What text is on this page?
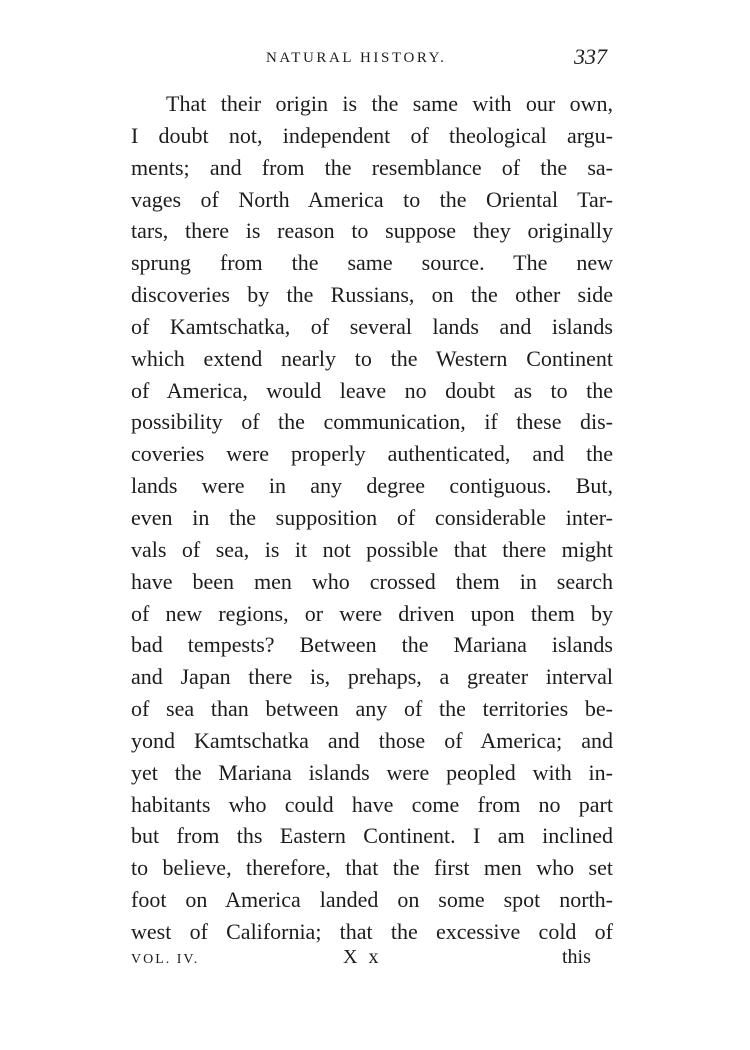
NATURAL HISTORY.	337
That their origin is the same with our own,
I doubt not, independent of theological argu-
ments; and from the resemblance of the sa-
vages of North America to the Oriental Tar-
tars, there is reason to suppose they originally
sprung from the same source. The new
discoveries by the Russians, on the other side
of Kamtschatka, of several lands and islands
which extend nearly to the Western Continent
of America, would leave no doubt as to the
possibility of the communication, if these dis-
coveries were properly authenticated, and the
lands were in any degree contiguous. But,
even in the supposition of considerable inter-
vals of sea, is it not possible that there might
have been men who crossed them in search
of new regions, or were driven upon them by
bad tempests? Between the Mariana islands
and Japan there is, prehaps, a greater interval
of sea than between any of the territories be-
yond Kamtschatka and those of America; and
yet the Mariana islands were peopled with in-
habitants who could have come from no part
but from ths Eastern Continent. I am inclined
to believe, therefore, that the first men who set
foot on America landed on some spot north-
west of California; that the excessive cold of
VOL. IV.	X x	this
